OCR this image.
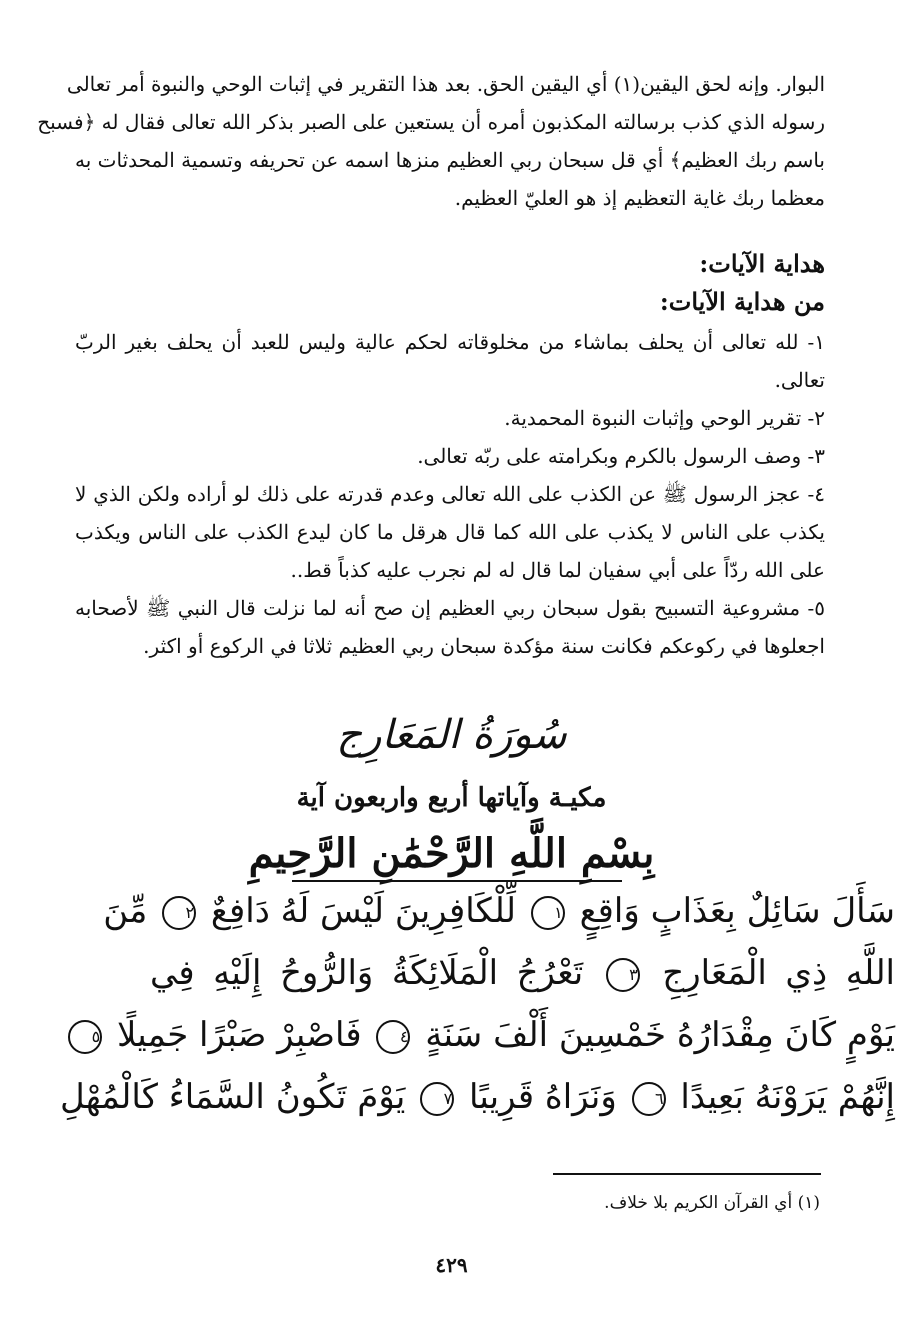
البوار. وإنه لحق اليقين(١) أي اليقين الحق. بعد هذا التقرير في إثبات الوحي والنبوة أمر تعالى
رسوله الذي كذب برسالته المكذبون أمره أن يستعين على الصبر بذكر الله تعالى فقال له ﴿فسبح
باسم ربك العظيم﴾ أي قل سبحان ربي العظيم منزها اسمه عن تحريفه وتسمية المحدثات به
معظما ربك غاية التعظيم إذ هو العليّ العظيم.
هداية الآيات:
من هداية الآيات:
١- لله تعالى أن يحلف بماشاء من مخلوقاته لحكم عالية وليس للعبد أن يحلف بغير الربّ
تعالى.
٢- تقرير الوحي وإثبات النبوة المحمدية.
٣- وصف الرسول بالكرم وبكرامته على ربّه تعالى.
٤- عجز الرسول ﷺ عن الكذب على الله تعالى وعدم قدرته على ذلك لو أراده ولكن الذي لا
يكذب على الناس لا يكذب على الله كما قال هرقل ما كان ليدع الكذب على الناس ويكذب
على الله ردّاً على أبي سفيان لما قال له لم نجرب عليه كذباً قط..
٥- مشروعية التسبيح بقول سبحان ربي العظيم إن صح أنه لما نزلت قال النبي ﷺ لأصحابه
اجعلوها في ركوعكم فكانت سنة مؤكدة سبحان ربي العظيم ثلاثا في الركوع أو اكثر.
سُورَةُ المَعَارِج
مكيـة وآياتها أربع واربعون آية
بِسْمِ اللَّهِ الرَّحْمَٰنِ الرَّحِيمِ
سَأَلَ سَائِلٌ بِعَذَابٍ وَاقِعٍ ١ لِّلْكَافِرِينَ لَيْسَ لَهُ دَافِعٌ ٢ مِّنَ
اللَّهِ ذِي الْمَعَارِجِ ٣ تَعْرُجُ الْمَلَائِكَةُ وَالرُّوحُ إِلَيْهِ فِي
يَوْمٍ كَانَ مِقْدَارُهُ خَمْسِينَ أَلْفَ سَنَةٍ ٤ فَاصْبِرْ صَبْرًا جَمِيلًا ٥
إِنَّهُمْ يَرَوْنَهُ بَعِيدًا ٦ وَنَرَاهُ قَرِيبًا ٧ يَوْمَ تَكُونُ السَّمَاءُ كَالْمُهْلِ
(١) أي القرآن الكريم بلا خلاف.
٤٢٩
